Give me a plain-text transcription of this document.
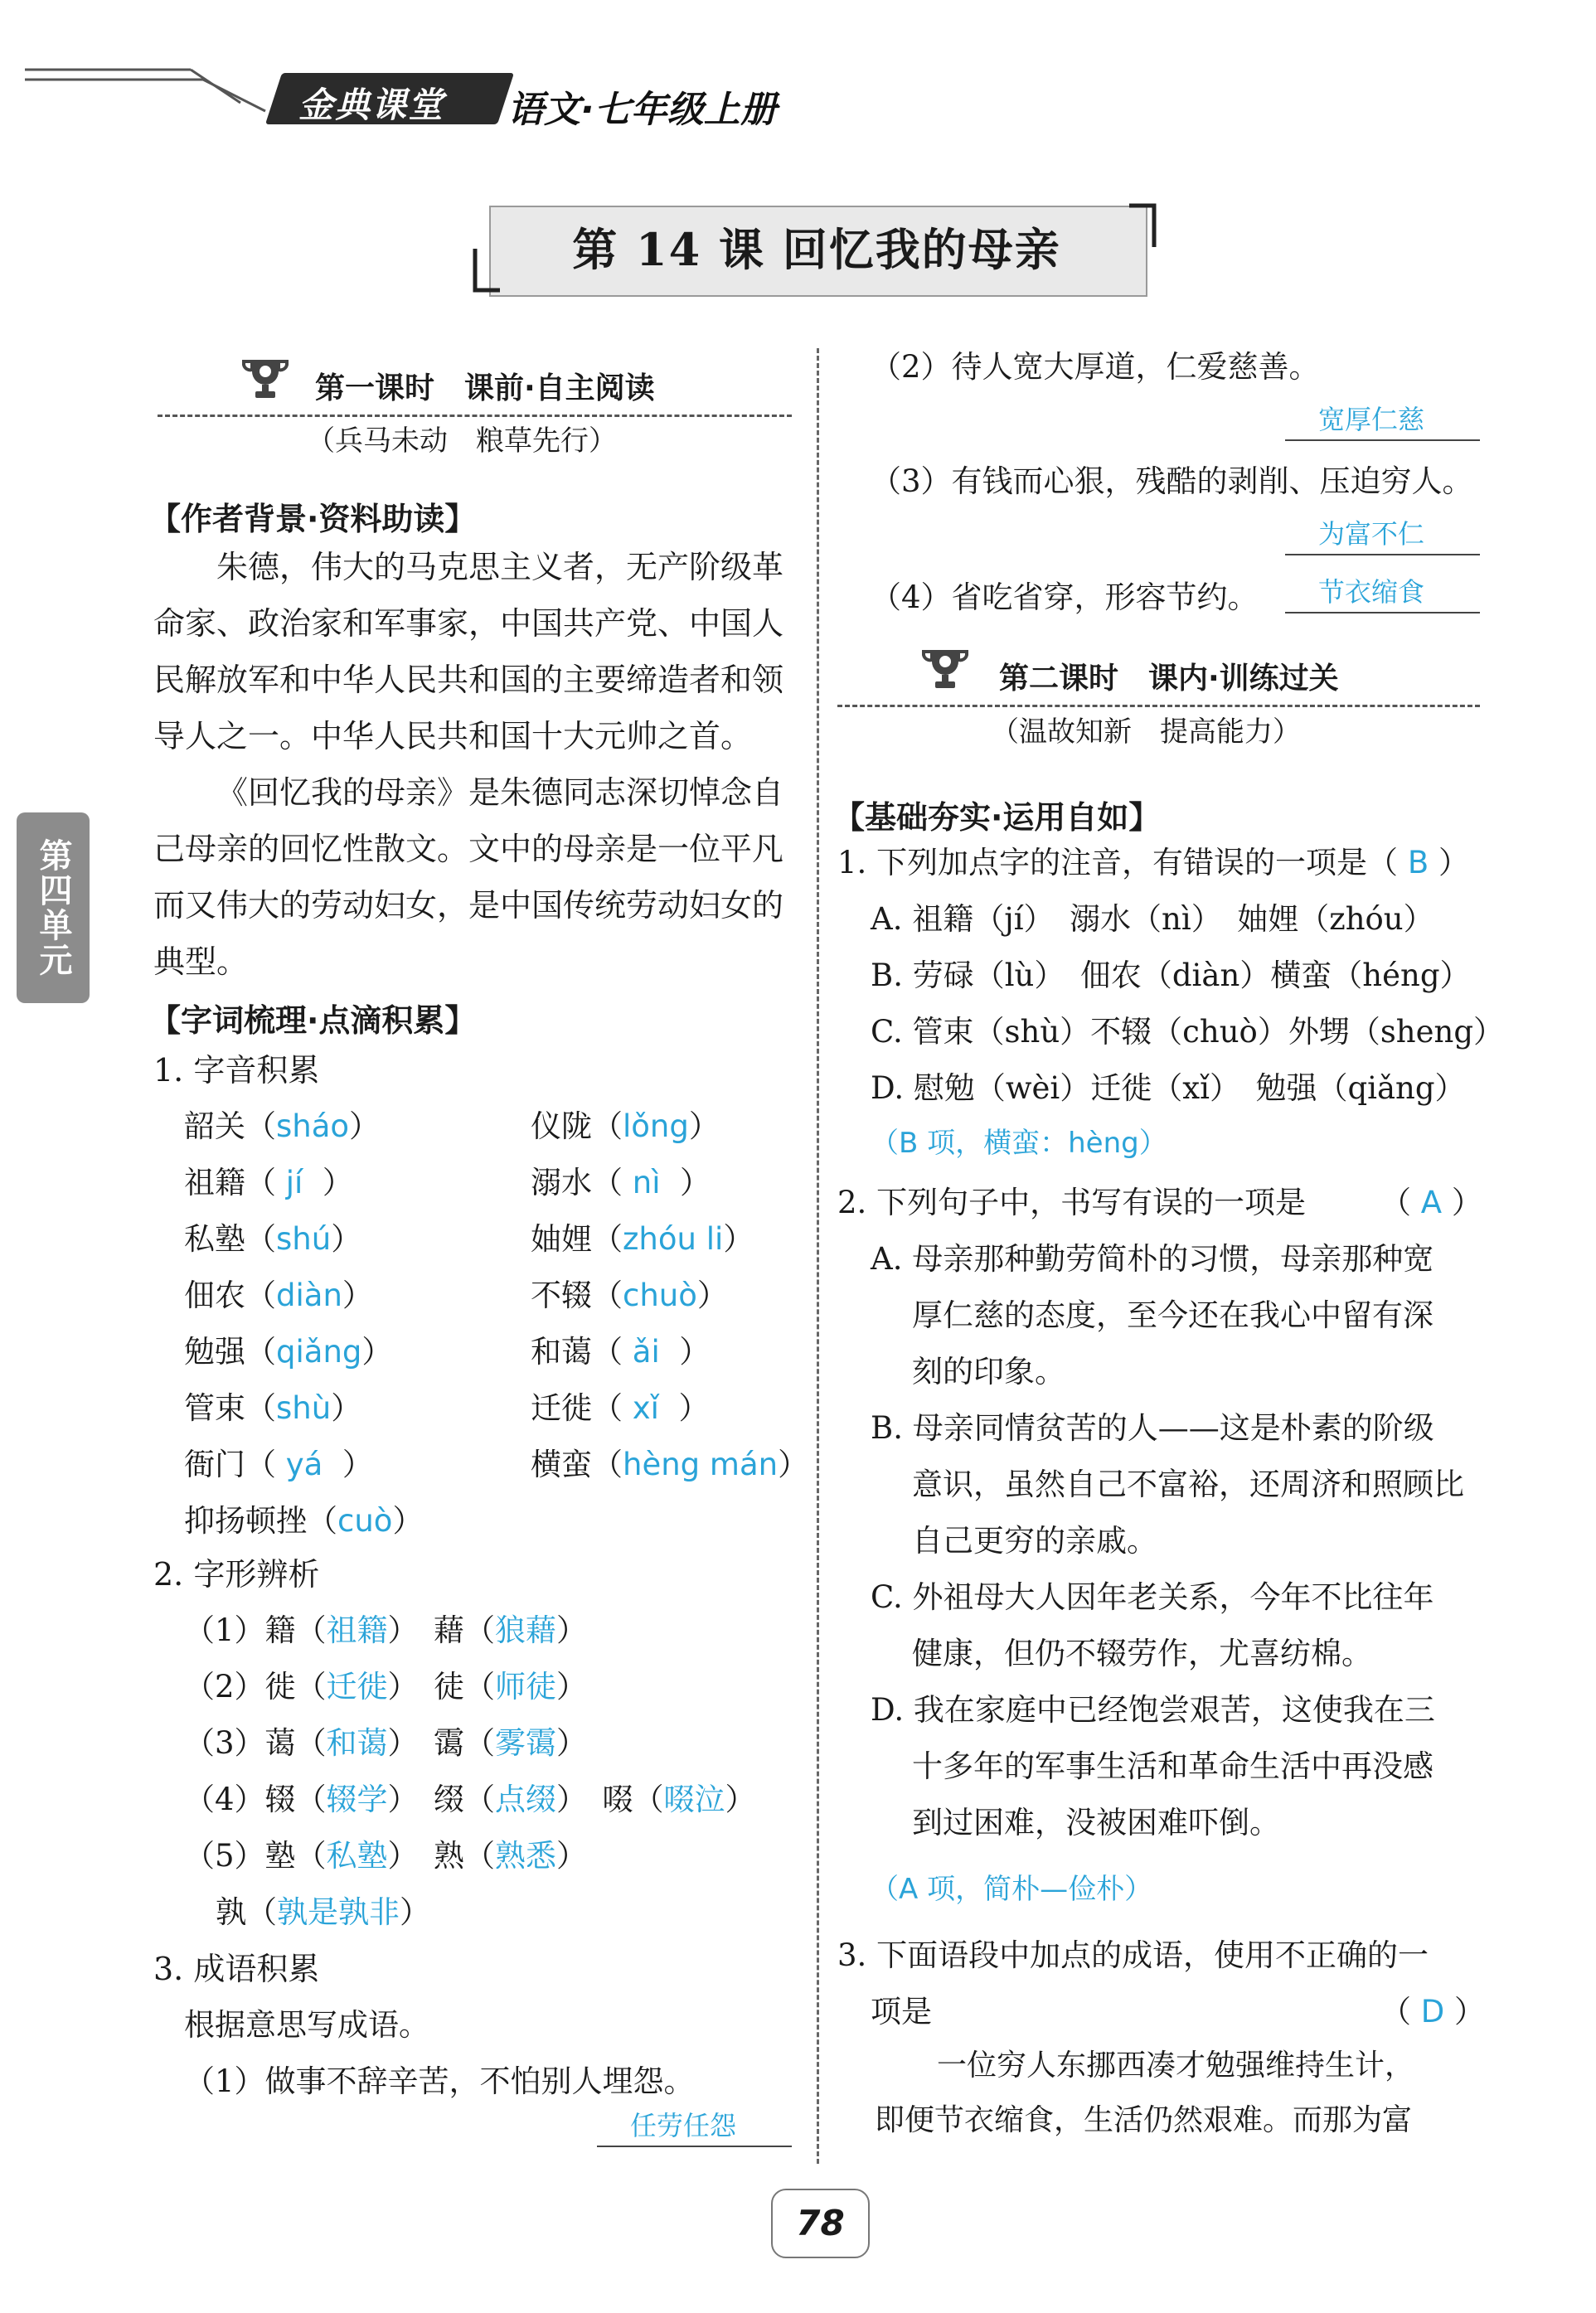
金典课堂 语文·七年级上册
第 14 课 回忆我的母亲
第四单元
第一课时　课前·自主阅读
（兵马未动　粮草先行）
【作者背景·资料助读】
朱德，伟大的马克思主义者，无产阶级革命家、政治家和军事家，中国共产党、中国人民解放军和中华人民共和国的主要缔造者和领导人之一。中华人民共和国十大元帅之首。
《回忆我的母亲》是朱德同志深切悼念自己母亲的回忆性散文。文中的母亲是一位平凡而又伟大的劳动妇女，是中国传统劳动妇女的典型。
【字词梳理·点滴积累】
1. 字音积累
韶关（sháo）	仪陇（lǒng）
祖籍（ jí ）	溺水（ nì ）
私塾（shú）	妯娌（zhóu li）
佃农（diàn）	不辍（chuò）
勉强（qiǎng）	和蔼（ ǎi ）
管束（shù）	迁徙（ xǐ ）
衙门（ yá ）	横蛮（hèng mán）
抑扬顿挫（cuò）
2. 字形辨析
（1）籍（祖籍）　藉（狼藉）
（2）徙（迁徙）　徒（师徒）
（3）蔼（和蔼）　霭（雾霭）
（4）辍（辍学）　缀（点缀）　啜（啜泣）
（5）塾（私塾）　熟（熟悉）
孰（孰是孰非）
3. 成语积累
根据意思写成语。
（1）做事不辞辛苦，不怕别人埋怨。
任劳任怨
（2）待人宽大厚道，仁爱慈善。
宽厚仁慈
（3）有钱而心狠，残酷的剥削、压迫穷人。
为富不仁
（4）省吃省穿，形容节约。 节衣缩食
第二课时　课内·训练过关
（温故知新　提高能力）
【基础夯实·运用自如】
1. 下列加点字的注音，有错误的一项是（ B ）
A. 祖籍（jí）　溺水（nì）　妯娌（zhóu）
B. 劳碌（lù）　佃农（diàn）横蛮（héng）
C. 管束（shù）不辍（chuò）外甥（sheng）
D. 慰勉（wèi）迁徙（xǐ）　勉强（qiǎng）
（B 项，横蛮：hèng）
2. 下列句子中，书写有误的一项是 （ A ）
A. 母亲那种勤劳简朴的习惯，母亲那种宽
厚仁慈的态度，至今还在我心中留有深
刻的印象。
B. 母亲同情贫苦的人——这是朴素的阶级
意识，虽然自己不富裕，还周济和照顾比
自己更穷的亲戚。
C. 外祖母大人因年老关系，今年不比往年
健康，但仍不辍劳作，尤喜纺棉。
D. 我在家庭中已经饱尝艰苦，这使我在三
十多年的军事生活和革命生活中再没感
到过困难，没被困难吓倒。
（A 项，简朴—俭朴）
3. 下面语段中加点的成语，使用不正确的一
项是	（ D ）
一位穷人东挪西凑才勉强维持生计，
即便节衣缩食，生活仍然艰难。而那为富
78
